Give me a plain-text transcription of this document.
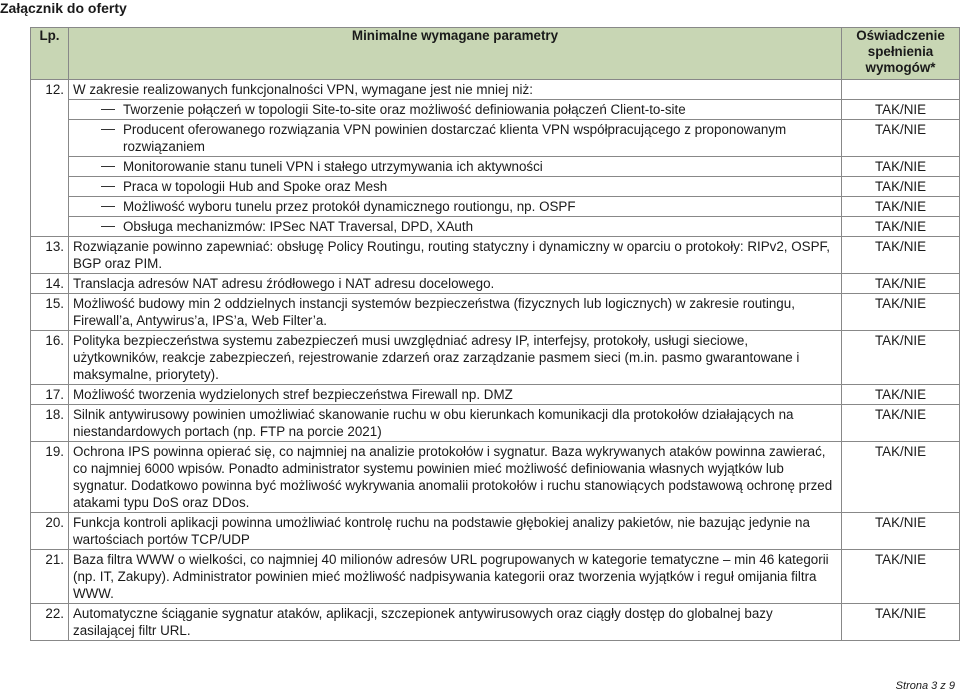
Załącznik do oferty
Lp.	Minimalne wymagane parametry	Oświadczenie spełnienia wymogów*
12.	W zakresie realizowanych funkcjonalności VPN, wymagane jest nie mniej niż:	

	Tworzenie połączeń w topologii Site-to-site oraz możliwość definiowania połączeń Client-to-site	TAK/NIE

	Producent oferowanego rozwiązania VPN powinien dostarczać klienta VPN współpracującego z proponowanym rozwiązaniem	TAK/NIE

	Monitorowanie stanu tuneli VPN i stałego utrzymywania ich aktywności	TAK/NIE

	Praca w topologii Hub and Spoke oraz Mesh	TAK/NIE

	Możliwość wyboru tunelu przez protokół dynamicznego routiongu, np. OSPF	TAK/NIE

	Obsługa mechanizmów: IPSec NAT Traversal, DPD, XAuth	TAK/NIE
13.	Rozwiązanie powinno zapewniać: obsługę Policy Routingu, routing statyczny i dynamiczny w oparciu o protokoły: RIPv2, OSPF, BGP oraz PIM.	TAK/NIE
14.	Translacja adresów NAT adresu źródłowego i NAT adresu docelowego.	TAK/NIE
15.	Możliwość budowy min 2 oddzielnych instancji systemów bezpieczeństwa (fizycznych lub logicznych) w zakresie routingu, Firewall’a, Antywirus’a, IPS’a, Web Filter’a.	TAK/NIE
16.	Polityka bezpieczeństwa systemu zabezpieczeń musi uwzględniać adresy IP, interfejsy, protokoły, usługi sieciowe, użytkowników, reakcje zabezpieczeń, rejestrowanie zdarzeń oraz zarządzanie pasmem sieci (m.in. pasmo gwarantowane i maksymalne, priorytety).	TAK/NIE
17.	Możliwość tworzenia wydzielonych stref bezpieczeństwa Firewall np. DMZ	TAK/NIE
18.	Silnik antywirusowy powinien umożliwiać skanowanie ruchu w obu kierunkach komunikacji dla protokołów działających na niestandardowych portach (np. FTP na porcie 2021)	TAK/NIE
19.	Ochrona IPS powinna opierać się, co najmniej na analizie protokołów i sygnatur. Baza wykrywanych ataków powinna zawierać, co najmniej 6000 wpisów. Ponadto administrator systemu powinien mieć możliwość definiowania własnych wyjątków lub sygnatur. Dodatkowo powinna być możliwość wykrywania anomalii protokołów i ruchu stanowiących podstawową ochronę przed atakami typu DoS oraz DDos.	TAK/NIE
20.	Funkcja kontroli aplikacji powinna umożliwiać kontrolę ruchu na podstawie głębokiej analizy pakietów, nie bazując jedynie na wartościach portów TCP/UDP	TAK/NIE
21.	Baza filtra WWW o wielkości, co najmniej 40 milionów adresów URL pogrupowanych w kategorie tematyczne – min 46 kategorii (np. IT, Zakupy). Administrator powinien mieć możliwość nadpisywania kategorii oraz tworzenia wyjątków i reguł omijania filtra WWW.	TAK/NIE
22.	Automatyczne ściąganie sygnatur ataków, aplikacji, szczepionek antywirusowych oraz ciągły dostęp do globalnej bazy zasilającej filtr URL.	TAK/NIE
Strona 3 z 9
